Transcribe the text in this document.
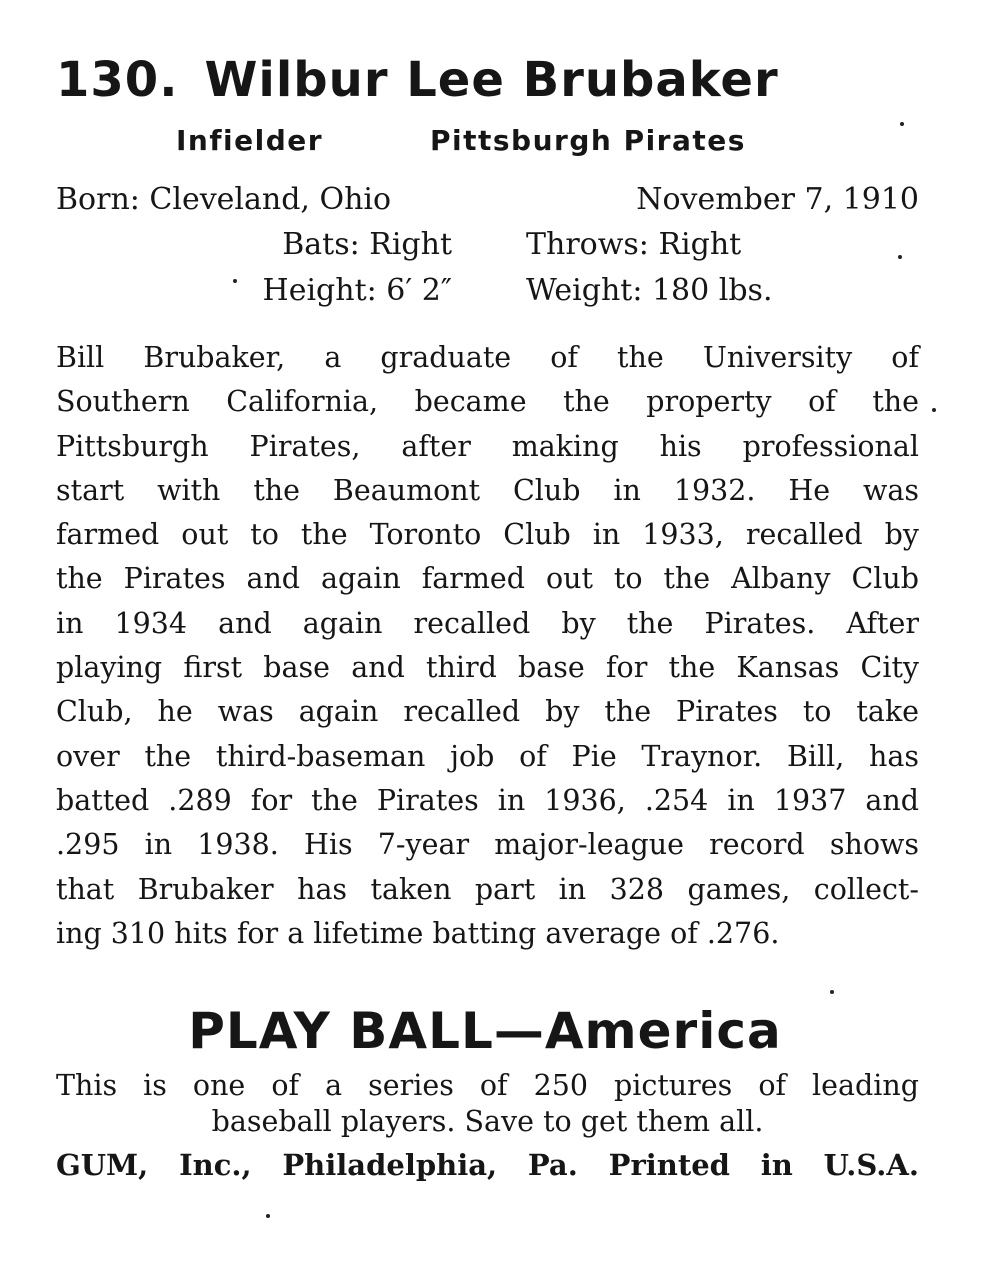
130. Wilbur Lee Brubaker
Infielder	Pittsburgh Pirates
Born: Cleveland, Ohio	November 7, 1910
Bats: Right Throws: Right
Height: 6′ 2″ Weight: 180 lbs.
Bill Brubaker, a graduate of the University of
Southern California, became the property of the
Pittsburgh Pirates, after making his professional
start with the Beaumont Club in 1932. He was
farmed out to the Toronto Club in 1933, recalled by
the Pirates and again farmed out to the Albany Club
in 1934 and again recalled by the Pirates. After
playing first base and third base for the Kansas City
Club, he was again recalled by the Pirates to take
over the third-baseman job of Pie Traynor. Bill, has
batted .289 for the Pirates in 1936, .254 in 1937 and
.295 in 1938. His 7-year major-league record shows
that Brubaker has taken part in 328 games, collect-
ing 310 hits for a lifetime batting average of .276.
PLAY BALL—America
This is one of a series of 250 pictures of leading
baseball players. Save to get them all.
GUM, Inc., Philadelphia, Pa. Printed in U.S.A.
